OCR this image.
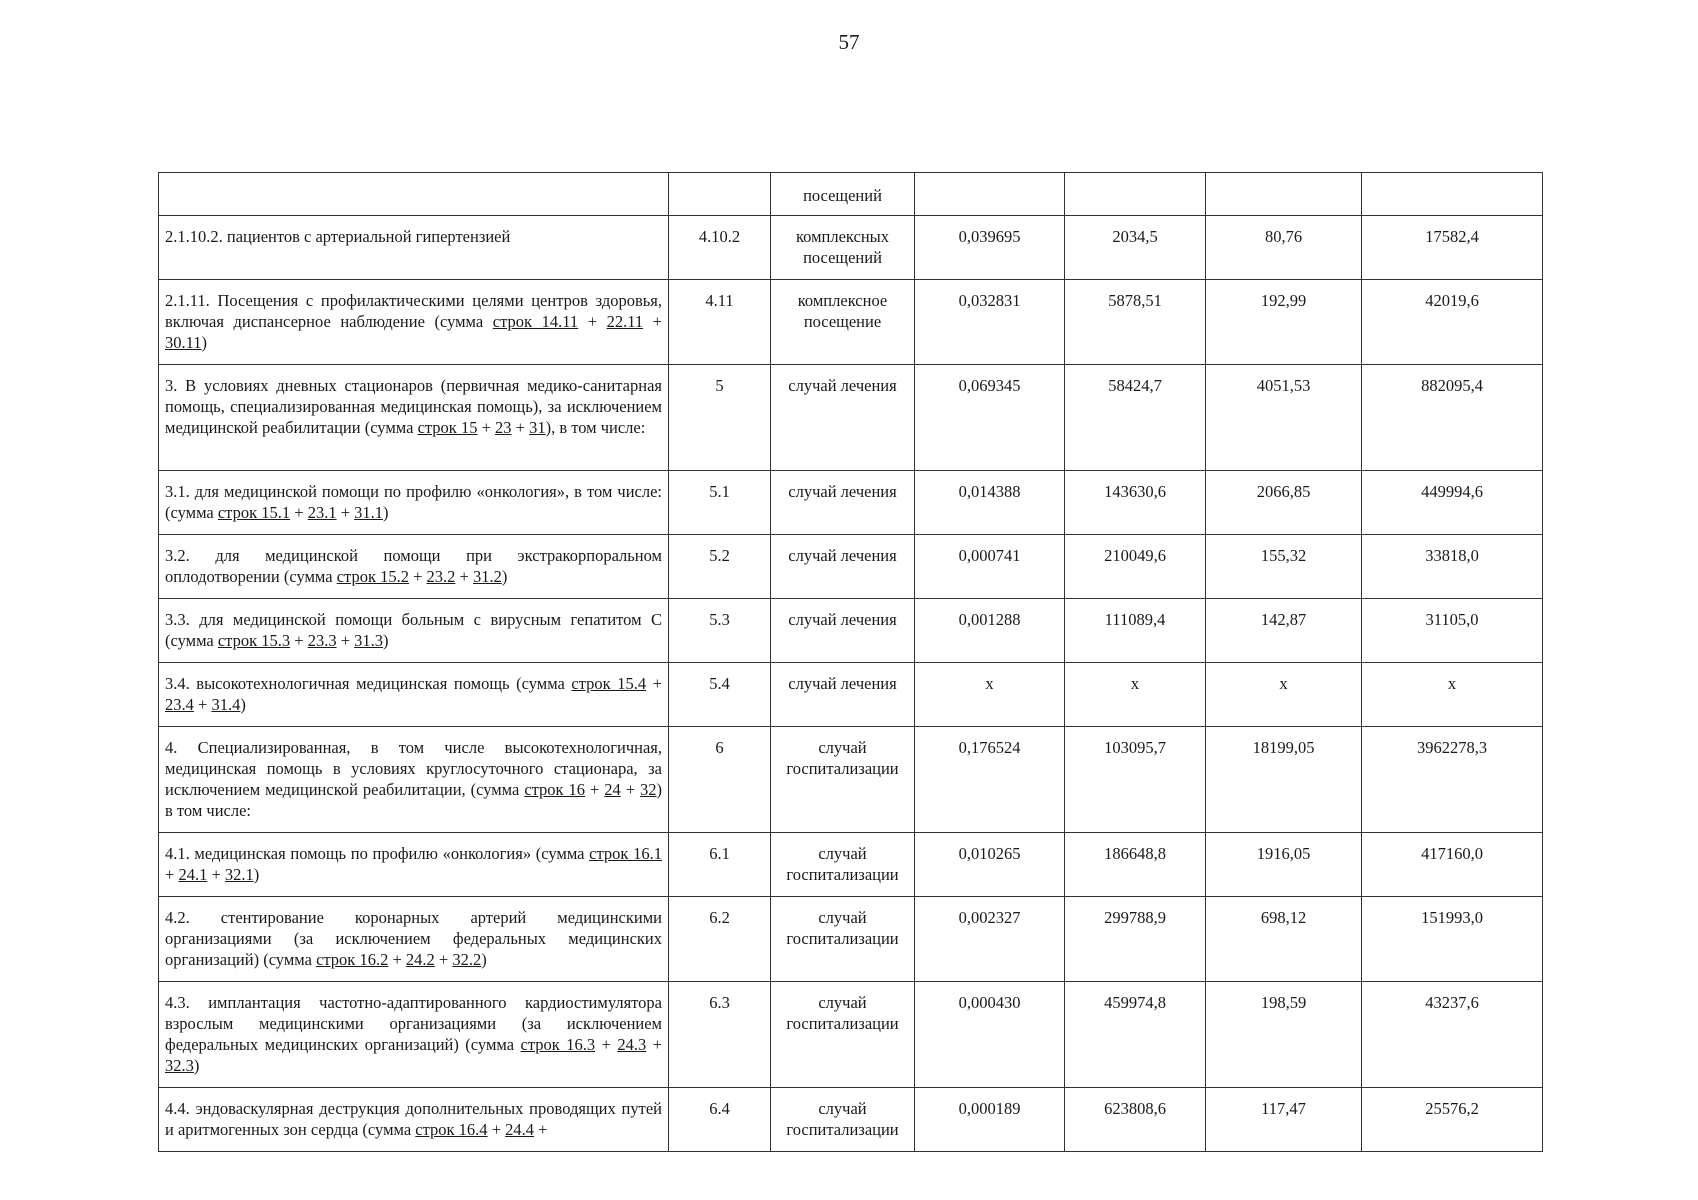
57
		посещений				
2.1.10.2. пациентов с артериальной гипертензией	4.10.2	комплексных посещений	0,039695	2034,5	80,76	17582,4
2.1.11. Посещения с профилактическими целями центров здоровья, включая диспансерное наблюдение (сумма строк 14.11 + 22.11 + 30.11)	4.11	комплексное посещение	0,032831	5878,51	192,99	42019,6
3. В условиях дневных стационаров (первичная медико-санитарная помощь, специализированная медицинская помощь), за исключением медицинской реабилитации (сумма строк 15 + 23 + 31), в том числе:	5	случай лечения	0,069345	58424,7	4051,53	882095,4
3.1. для медицинской помощи по профилю «онкология», в том числе: (сумма строк 15.1 + 23.1 + 31.1)	5.1	случай лечения	0,014388	143630,6	2066,85	449994,6
3.2. для медицинской помощи при экстракорпоральном оплодотворении (сумма строк 15.2 + 23.2 + 31.2)	5.2	случай лечения	0,000741	210049,6	155,32	33818,0
3.3. для медицинской помощи больным с вирусным гепатитом С (сумма строк 15.3 + 23.3 + 31.3)	5.3	случай лечения	0,001288	111089,4	142,87	31105,0
3.4. высокотехнологичная медицинская помощь (сумма строк 15.4 + 23.4 + 31.4)	5.4	случай лечения	x	x	x	x
4. Специализированная, в том числе высокотехнологичная, медицинская помощь в условиях круглосуточного стационара, за исключением медицинской реабилитации, (сумма строк 16 + 24 + 32) в том числе:	6	случай госпитализации	0,176524	103095,7	18199,05	3962278,3
4.1. медицинская помощь по профилю «онкология» (сумма строк 16.1 + 24.1 + 32.1)	6.1	случай госпитализации	0,010265	186648,8	1916,05	417160,0
4.2. стентирование коронарных артерий медицинскими организациями (за исключением федеральных медицинских организаций) (сумма строк 16.2 + 24.2 + 32.2)	6.2	случай госпитализации	0,002327	299788,9	698,12	151993,0
4.3. имплантация частотно-адаптированного кардиостимулятора взрослым медицинскими организациями (за исключением федеральных медицинских организаций) (сумма строк 16.3 + 24.3 + 32.3)	6.3	случай госпитализации	0,000430	459974,8	198,59	43237,6
4.4. эндоваскулярная деструкция дополнительных проводящих путей и аритмогенных зон сердца (сумма строк 16.4 + 24.4 +	6.4	случай госпитализации	0,000189	623808,6	117,47	25576,2
